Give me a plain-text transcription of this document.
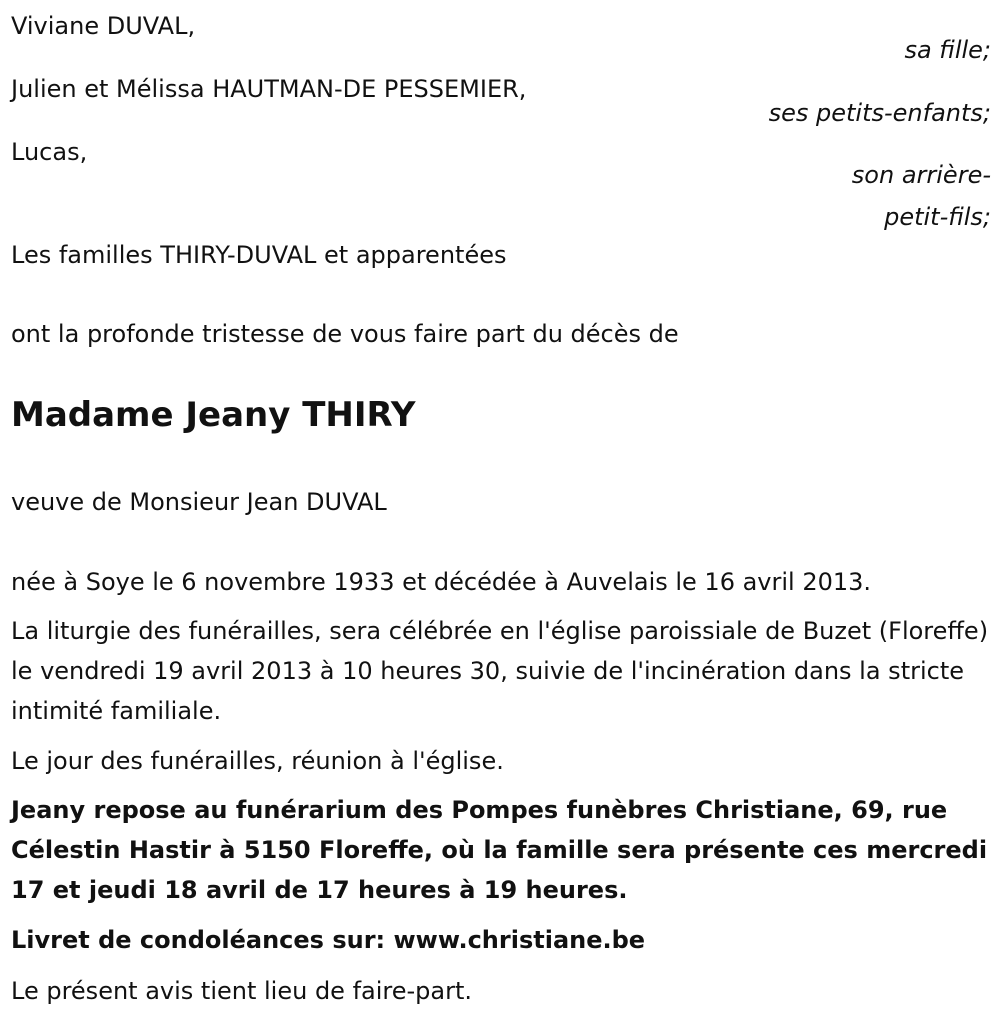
Viviane DUVAL,

sa fille;

Julien et Mélissa HAUTMAN-DE PESSEMIER,

ses petits-enfants;

Lucas,

son arrière-

petit-fils;

Les familles THIRY-DUVAL et apparentées

ont la profonde tristesse de vous faire part du décès de

Madame Jeany THIRY

veuve de Monsieur Jean DUVAL

née à Soye le 6 novembre 1933 et décédée à Auvelais le 16 avril 2013.

La liturgie des funérailles, sera célébrée en l'église paroissiale de Buzet (Floreffe) le vendredi 19 avril 2013 à 10 heures 30, suivie de l'incinération dans la stricte intimité familiale.

Le jour des funérailles, réunion à l'église.

Jeany repose au funérarium des Pompes funèbres Christiane, 69, rue Célestin Hastir à 5150 Floreffe, où la famille sera présente ces mercredi 17 et jeudi 18 avril de 17 heures à 19 heures.

Livret de condoléances sur: www.christiane.be

Le présent avis tient lieu de faire-part.
